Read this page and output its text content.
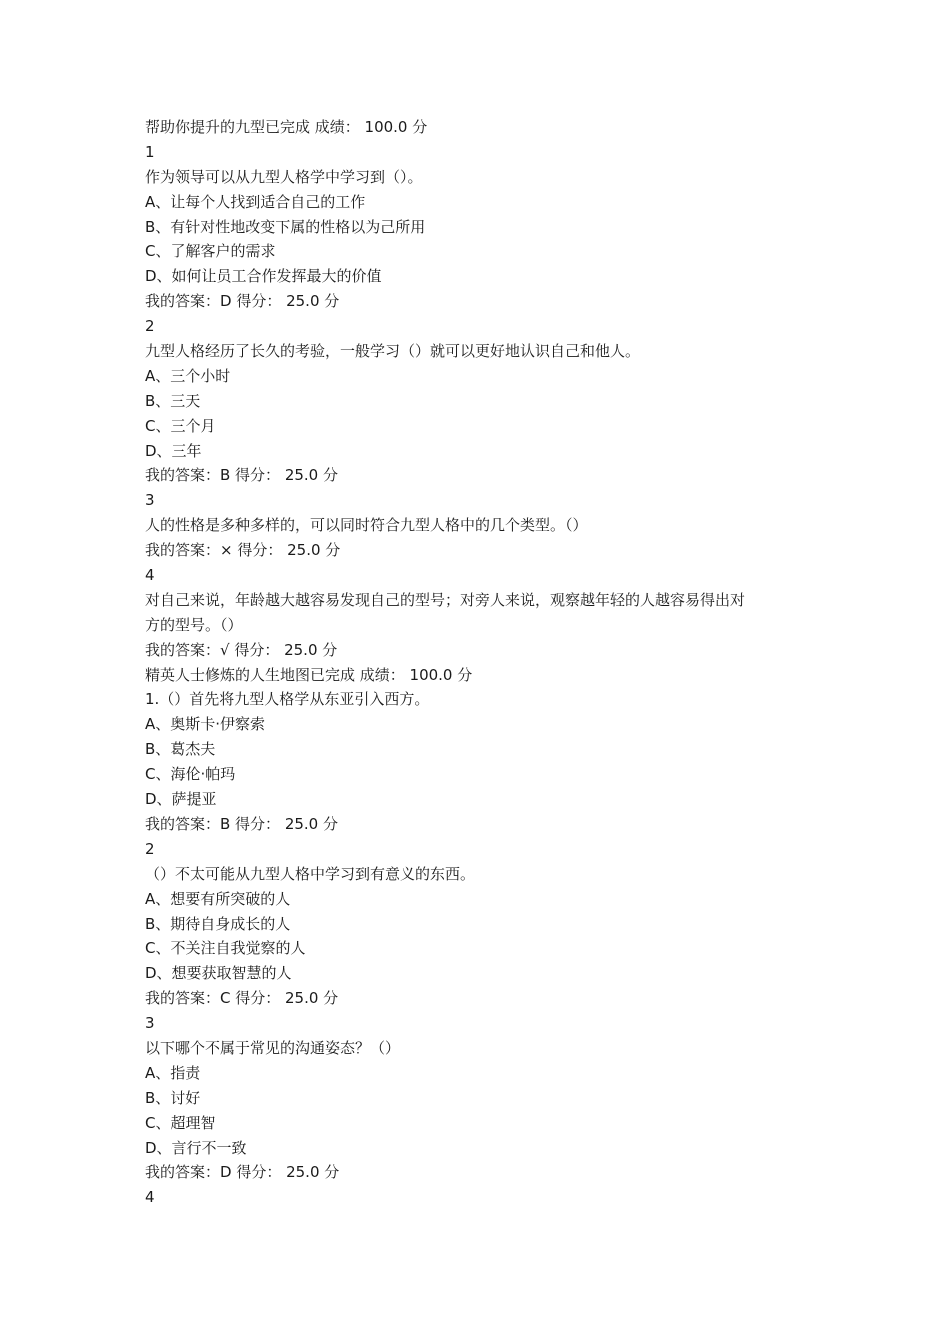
帮助你提升的九型已完成 成绩： 100.0 分
1
作为领导可以从九型人格学中学习到（）。
A、让每个人找到适合自己的工作
B、有针对性地改变下属的性格以为己所用
C、了解客户的需求
D、如何让员工合作发挥最大的价值
我的答案：D 得分： 25.0 分
2
九型人格经历了长久的考验，一般学习（）就可以更好地认识自己和他人。
A、三个小时
B、三天
C、三个月
D、三年
我的答案：B 得分： 25.0 分
3
人的性格是多种多样的，可以同时符合九型人格中的几个类型。（）
我的答案：× 得分： 25.0 分
4
对自己来说，年龄越大越容易发现自己的型号；对旁人来说，观察越年轻的人越容易得出对
方的型号。（）
我的答案：√ 得分： 25.0 分
精英人士修炼的人生地图已完成 成绩： 100.0 分
1.（）首先将九型人格学从东亚引入西方。
A、奥斯卡·伊察索
B、葛杰夫
C、海伦·帕玛
D、萨提亚
我的答案：B 得分： 25.0 分
2
（）不太可能从九型人格中学习到有意义的东西。
A、想要有所突破的人
B、期待自身成长的人
C、不关注自我觉察的人
D、想要获取智慧的人
我的答案：C 得分： 25.0 分
3
以下哪个不属于常见的沟通姿态？（）
A、指责
B、讨好
C、超理智
D、言行不一致
我的答案：D 得分： 25.0 分
4
